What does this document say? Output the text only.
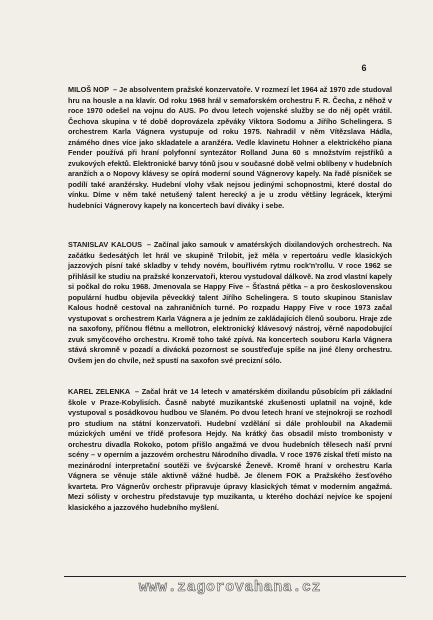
6

MILOŠ NOP – Je absolventem pražské konzervatoře. V rozmezí let 1964 až 1970 zde studoval hru na housle a na klavír. Od roku 1968 hrál v semaforském orchestru F. R. Čecha, z něhož v roce 1970 odešel na vojnu do AUS. Po dvou letech vojenské služby se do něj opět vrátil. Čechova skupina v té době doprovázela zpěváky Viktora Sodomu a Jiřího Schelingera. S orchestrem Karla Vágnera vystupuje od roku 1975. Nahradil v něm Vítězslava Hádla, známého dnes více jako skladatele a aranžéra. Vedle klavinetu Hohner a elektrického piana Fender používá při hraní polyfonní syntezátor Rolland Juna 60 s množstvím rejstříků a zvukových efektů. Elektronické barvy tónů jsou v současné době velmi oblíbeny v hudebních aranžích a o Nopovy klávesy se opírá moderní sound Vágnerovy kapely. Na řadě písniček se podílí také aranžérsky. Hudební vlohy však nejsou jedinými schopnostmi, které dostal do vínku. Díme v něm také netušený talent herecký a je u zrodu většiny legrácek, kterými hudebníci Vágnerovy kapely na koncertech baví diváky i sebe.

STANISLAV KALOUS – Začínal jako samouk v amatérských dixilandových orchestrech. Na začátku šedesátých let hrál ve skupině Trilobit, jež měla v repertoáru vedle klasických jazzových písní také skladby v tehdy novém, bouřlivém rytmu rock'n'rollu. V roce 1962 se přihlásil ke studiu na pražské konzervatoři, kterou vystudoval dálkově. Na zrod vlastní kapely si počkal do roku 1968. Jmenovala se Happy Five – Šťastná pětka – a pro československou populární hudbu objevila pěveckký talent Jiřího Schelingera. S touto skupinou Stanislav Kalous hodně cestoval na zahraničních turné. Po rozpadu Happy Five v roce 1973 začal vystupovat s orchestrem Karla Vágnera a je jedním ze zakládajících členů souboru. Hraje zde na saxofony, příčnou flétnu a mellotron, elektronický klávesový nástroj, věrně napodobující zvuk smyčcového orchestru. Kromě toho také zpívá. Na koncertech souboru Karla Vágnera stává skromně v pozadí a divácká pozornost se soustřeďuje spíše na jiné členy orchestru. Ovšem jen do chvíle, než spustí na saxofon své precizní sólo.

KAREL ZELENKA – Začal hrát ve 14 letech v amatérském dixilandu působícím při základní škole v Praze-Kobylisích. Časně nabyté muzikantské zkušenosti uplatnil na vojně, kde vystupoval s posádkovou hudbou ve Slaném. Po dvou letech hraní ve stejnokroji se rozhodl pro studium na státní konzervatoři. Hudební vzdělání si dále prohloubil na Akademii múzických umění ve třídě profesora Hejdy. Na krátký čas obsadil místo trombonisty v orchestru divadla Rokoko, potom přišlo angažmá ve dvou hudebních tělesech naší první scény – v operním a jazzovém orchestru Národního divadla. V roce 1976 získal třetí místo na mezinárodní interpretační soutěži ve švýcarské Ženevě. Kromě hraní v orchestru Karla Vágnera se věnuje stále aktivně vážné hudbě. Je členem FOK a Pražského žesťového kvarteta. Pro Vágnerův orchestr připravuje úpravy klasických témat v moderním angažmá. Mezi sólisty v orchestru představuje typ muzikanta, u kterého dochází nejvíce ke spojení klasického a jazzového hudebního myšlení.

www.zagorovahana.cz
